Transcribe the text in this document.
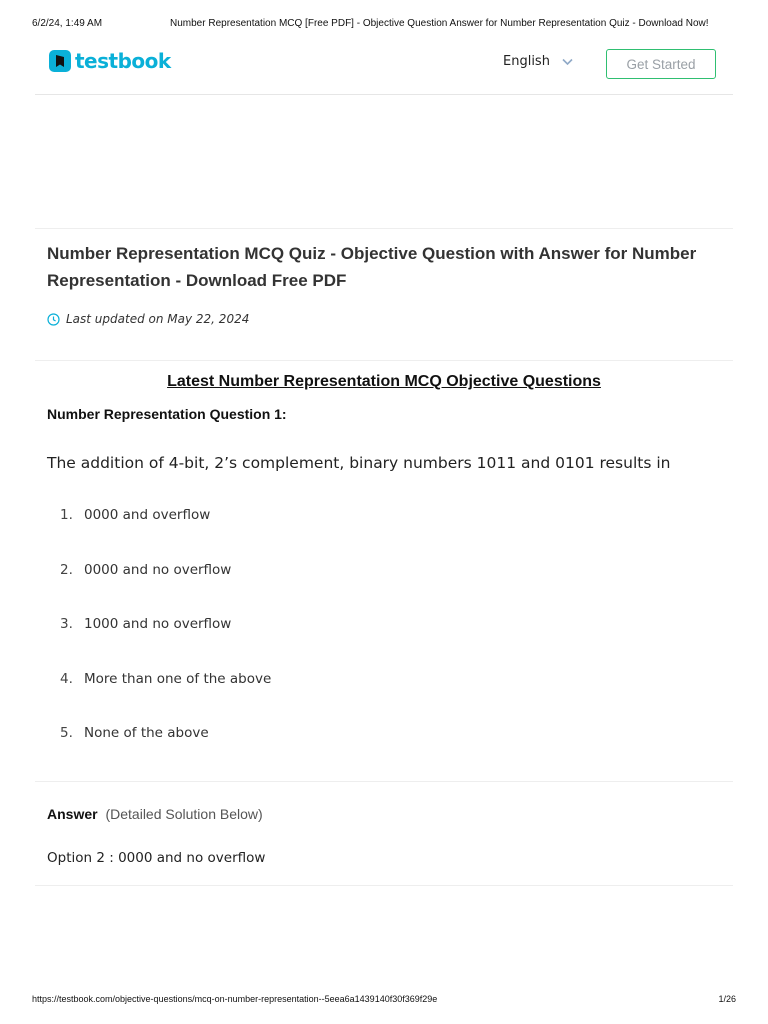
6/2/24, 1:49 AM	Number Representation MCQ [Free PDF] - Objective Question Answer for Number Representation Quiz - Download Now!
testbook	English	Get Started
Number Representation MCQ Quiz - Objective Question with Answer for Number
Representation - Download Free PDF
Last updated on May 22, 2024
Latest Number Representation MCQ Objective Questions
Number Representation Question 1:
The addition of 4-bit, 2’s complement, binary numbers 1011 and 0101 results in
1. 0000 and overflow
2. 0000 and no overflow
3. 1000 and no overflow
4. More than one of the above
5. None of the above
Answer (Detailed Solution Below)
Option 2 : 0000 and no overflow
https://testbook.com/objective-questions/mcq-on-number-representation--5eea6a1439140f30f369f29e	1/26
